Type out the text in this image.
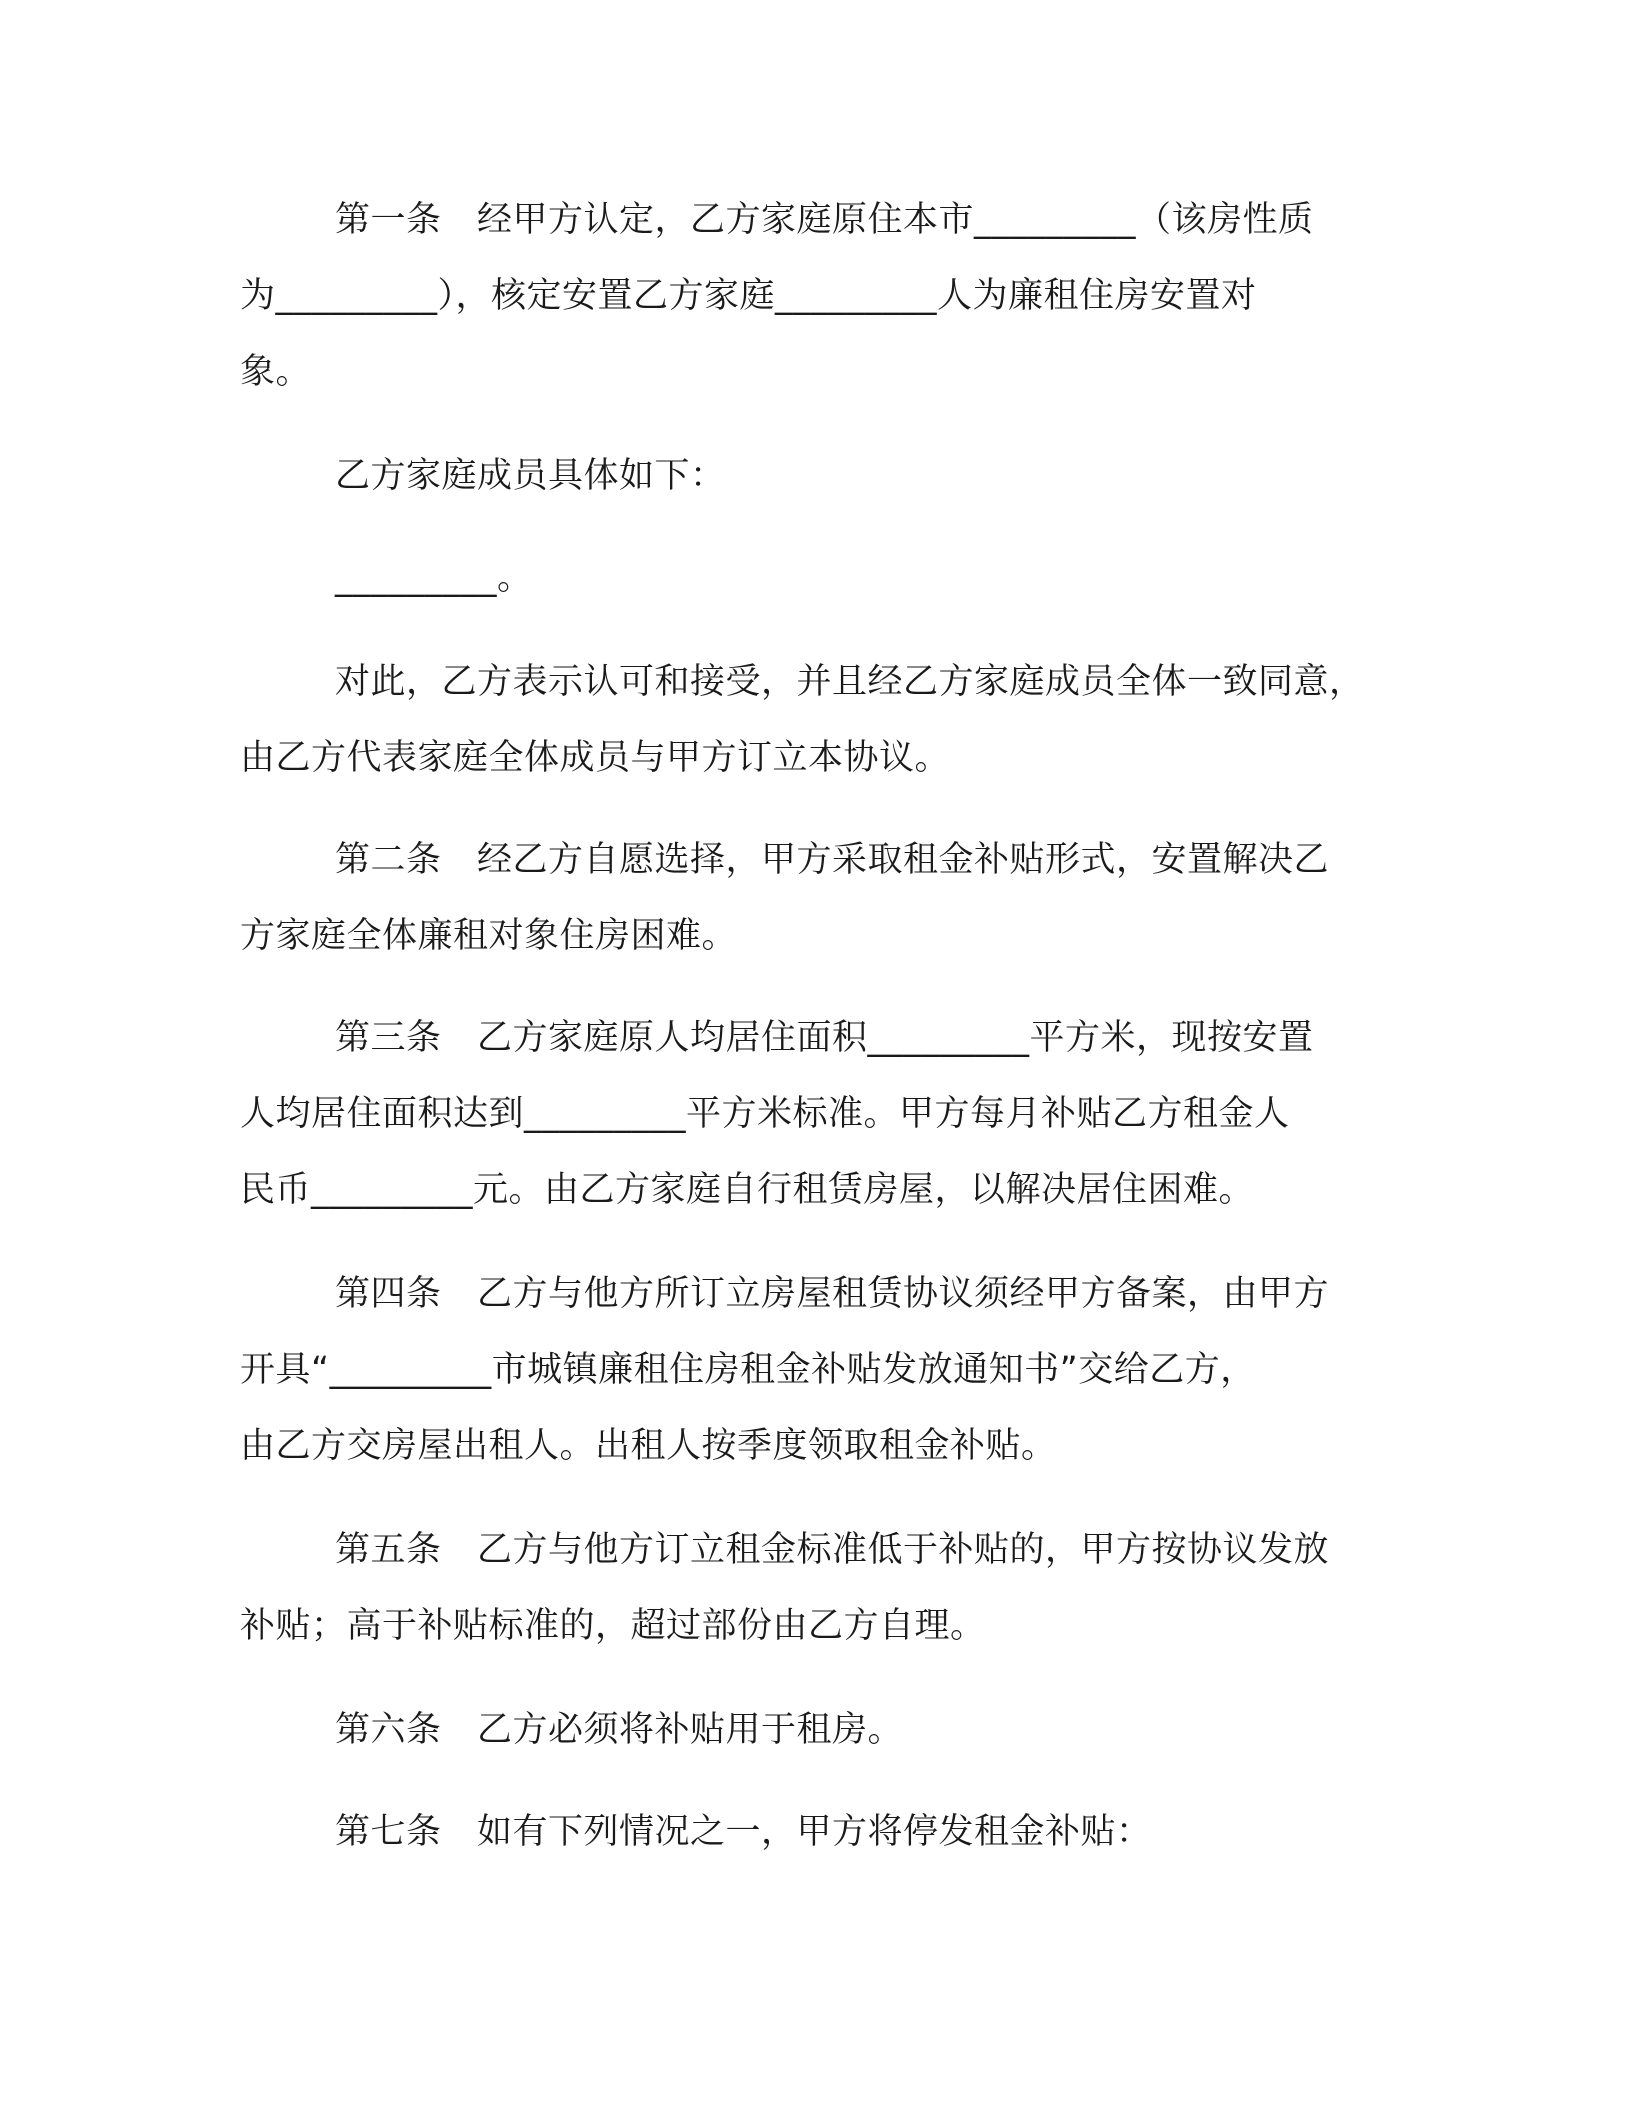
第一条　经甲方认定，乙方家庭原住本市_________（该房性质
为_________），核定安置乙方家庭_________人为廉租住房安置对
象。

乙方家庭成员具体如下：

_________。

对此，乙方表示认可和接受，并且经乙方家庭成员全体一致同意，
由乙方代表家庭全体成员与甲方订立本协议。

第二条　经乙方自愿选择，甲方采取租金补贴形式，安置解决乙
方家庭全体廉租对象住房困难。

第三条　乙方家庭原人均居住面积_________平方米，现按安置
人均居住面积达到_________平方米标准。甲方每月补贴乙方租金人
民币_________元。由乙方家庭自行租赁房屋，以解决居住困难。

第四条　乙方与他方所订立房屋租赁协议须经甲方备案，由甲方
开具“_________市城镇廉租住房租金补贴发放通知书”交给乙方，
由乙方交房屋出租人。出租人按季度领取租金补贴。

第五条　乙方与他方订立租金标准低于补贴的，甲方按协议发放
补贴；高于补贴标准的，超过部份由乙方自理。

第六条　乙方必须将补贴用于租房。

第七条　如有下列情况之一，甲方将停发租金补贴：
